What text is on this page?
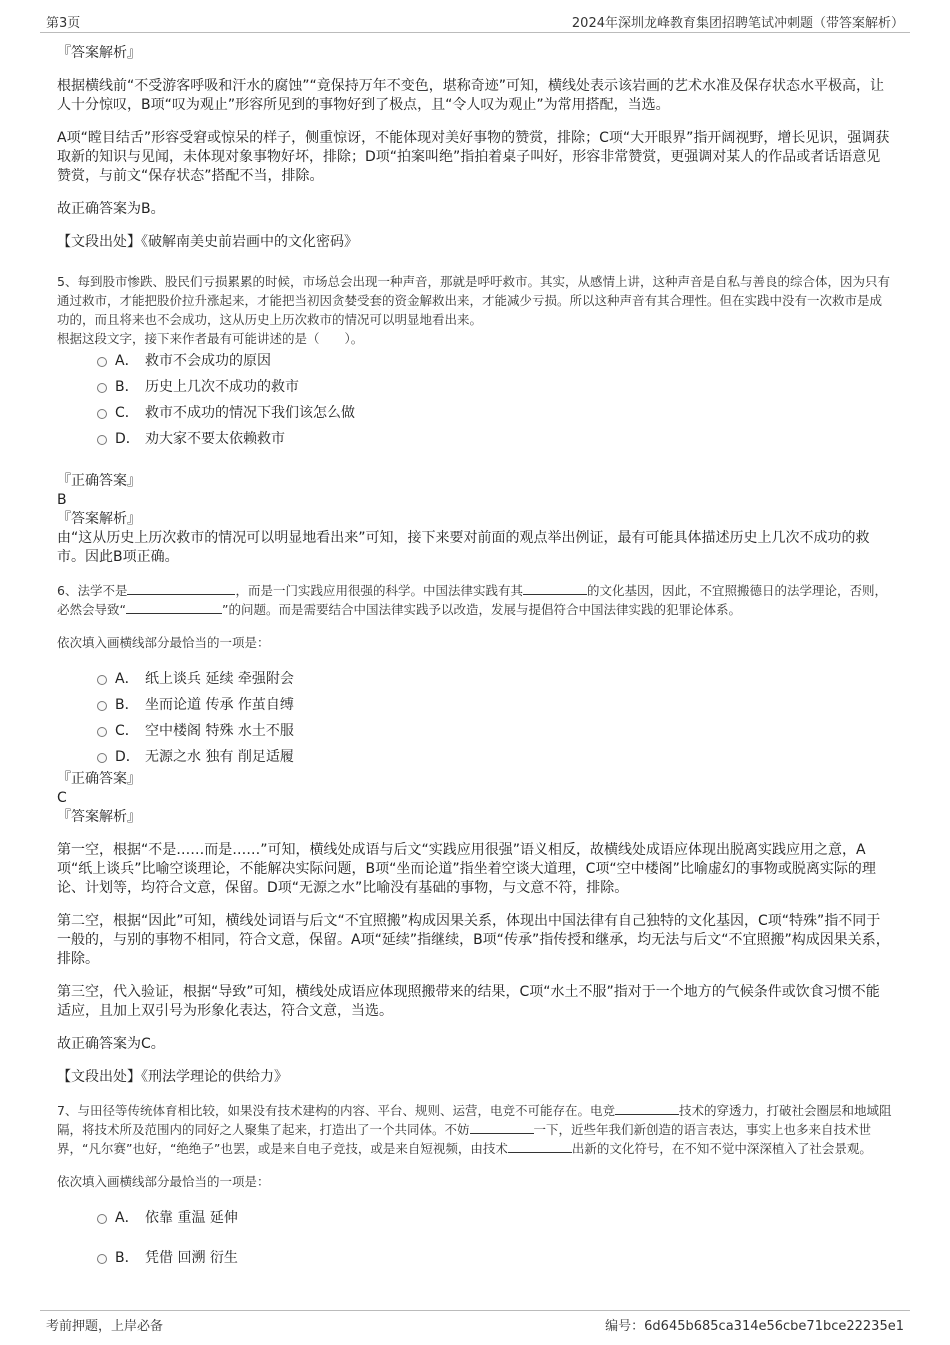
第3页	2024年深圳龙峰教育集团招聘笔试冲刺题（带答案解析）

『答案解析』

根据横线前“不受游客呼吸和汗水的腐蚀”“竟保持万年不变色，堪称奇迹”可知，横线处表示该岩画的艺术水准及保存状态水平极高，让人十分惊叹，B项“叹为观止”形容所见到的事物好到了极点，且“令人叹为观止”为常用搭配，当选。

A项“瞠目结舌”形容受窘或惊呆的样子，侧重惊讶，不能体现对美好事物的赞赏，排除；C项“大开眼界”指开阔视野，增长见识，强调获取新的知识与见闻，未体现对象事物好坏，排除；D项“拍案叫绝”指拍着桌子叫好，形容非常赞赏，更强调对某人的作品或者话语意见赞赏，与前文“保存状态”搭配不当，排除。

故正确答案为B。

【文段出处】《破解南美史前岩画中的文化密码》

5、每到股市惨跌、股民们亏损累累的时候，市场总会出现一种声音，那就是呼吁救市。其实，从感情上讲，这种声音是自私与善良的综合体，因为只有通过救市，才能把股价拉升涨起来，才能把当初因贪婪受套的资金解救出来，才能减少亏损。所以这种声音有其合理性。但在实践中没有一次救市是成功的，而且将来也不会成功，这从历史上历次救市的情况可以明显地看出来。

根据这段文字，接下来作者最有可能讲述的是（　　）。

A． 救市不会成功的原因
B． 历史上几次不成功的救市
C． 救市不成功的情况下我们该怎么做
D． 劝大家不要太依赖救市

『正确答案』

B

『答案解析』

由“这从历史上历次救市的情况可以明显地看出来”可知，接下来要对前面的观点举出例证，最有可能具体描述历史上几次不成功的救市。因此B项正确。

6、法学不是	，而是一门实践应用很强的科学。中国法律实践有其	的文化基因，因此，不宜照搬德日的法学理论，否则，必然会导致“	”的问题。而是需要结合中国法律实践予以改造，发展与提倡符合中国法律实践的犯罪论体系。

依次填入画横线部分最恰当的一项是：

A． 纸上谈兵 延续 牵强附会
B． 坐而论道 传承 作茧自缚
C． 空中楼阁 特殊 水土不服
D． 无源之水 独有 削足适履

『正确答案』

C

『答案解析』

第一空，根据“不是……而是……”可知，横线处成语与后文“实践应用很强”语义相反，故横线处成语应体现出脱离实践应用之意，A项“纸上谈兵”比喻空谈理论，不能解决实际问题，B项“坐而论道”指坐着空谈大道理，C项“空中楼阁”比喻虚幻的事物或脱离实际的理论、计划等，均符合文意，保留。D项“无源之水”比喻没有基础的事物，与文意不符，排除。

第二空，根据“因此”可知，横线处词语与后文“不宜照搬”构成因果关系，体现出中国法律有自己独特的文化基因，C项“特殊”指不同于一般的，与别的事物不相同，符合文意，保留。A项“延续”指继续，B项“传承”指传授和继承，均无法与后文“不宜照搬”构成因果关系，排除。

第三空，代入验证，根据“导致”可知，横线处成语应体现照搬带来的结果，C项“水土不服”指对于一个地方的气候条件或饮食习惯不能适应，且加上双引号为形象化表达，符合文意，当选。

故正确答案为C。

【文段出处】《刑法学理论的供给力》

7、与田径等传统体育相比较，如果没有技术建构的内容、平台、规则、运营，电竞不可能存在。电竞	技术的穿透力，打破社会圈层和地域阻隔，将技术所及范围内的同好之人聚集了起来，打造出了一个共同体。不妨	一下，近些年我们新创造的语言表达，事实上也多来自技术世界，“凡尔赛”也好，“绝绝子”也罢，或是来自电子竞技，或是来自短视频，由技术	出新的文化符号，在不知不觉中深深植入了社会景观。

依次填入画横线部分最恰当的一项是：

A． 依靠 重温 延伸
B． 凭借 回溯 衍生
考前押题，上岸必备	编号：6d645b685ca314e56cbe71bce22235e1
